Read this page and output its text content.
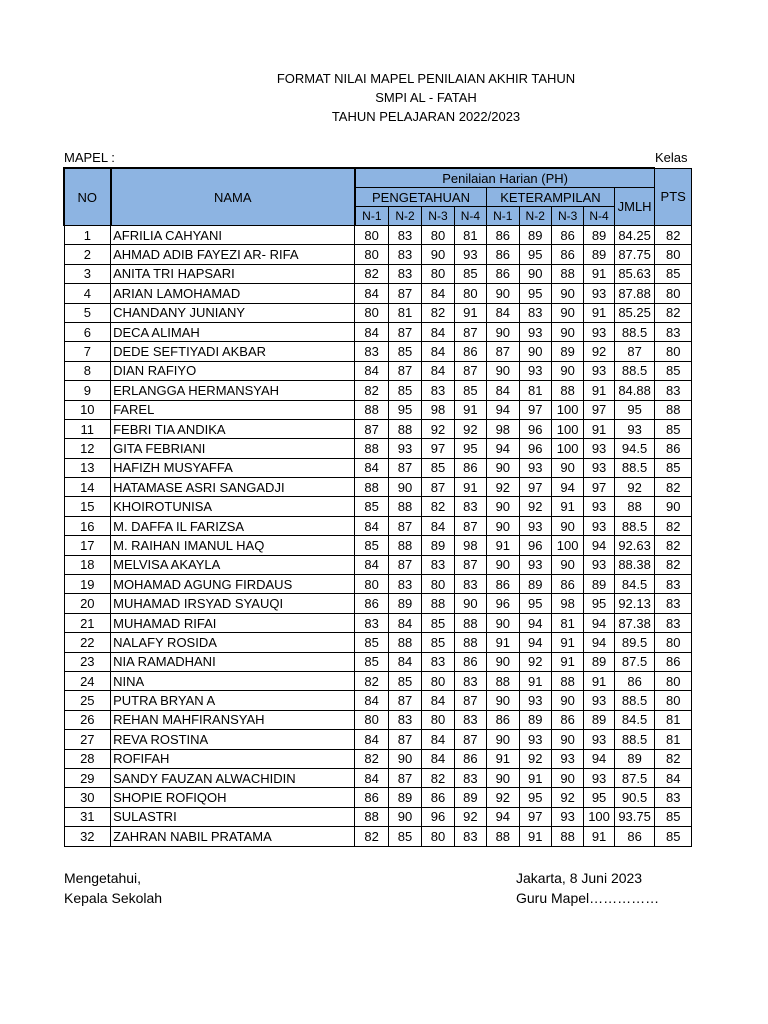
FORMAT NILAI MAPEL PENILAIAN AKHIR TAHUN
SMPI AL - FATAH
TAHUN PELAJARAN 2022/2023
MAPEL :	Kelas
NO	NAMA	Penilaian Harian (PH)									PTS
		PENGETAHUAN				KETERAMPILAN				JMLH	
		N-1	N-2	N-3	N-4	N-1	N-2	N-3	N-4		
1	AFRILIA CAHYANI	80	83	80	81	86	89	86	89	84.25	82
2	AHMAD ADIB FAYEZI AR- RIFA	80	83	90	93	86	95	86	89	87.75	80
3	ANITA TRI HAPSARI	82	83	80	85	86	90	88	91	85.63	85
4	ARIAN LAMOHAMAD	84	87	84	80	90	95	90	93	87.88	80
5	CHANDANY JUNIANY	80	81	82	91	84	83	90	91	85.25	82
6	DECA ALIMAH	84	87	84	87	90	93	90	93	88.5	83
7	DEDE SEFTIYADI AKBAR	83	85	84	86	87	90	89	92	87	80
8	DIAN RAFIYO	84	87	84	87	90	93	90	93	88.5	85
9	ERLANGGA HERMANSYAH	82	85	83	85	84	81	88	91	84.88	83
10	FAREL	88	95	98	91	94	97	100	97	95	88
11	FEBRI TIA ANDIKA	87	88	92	92	98	96	100	91	93	85
12	GITA FEBRIANI	88	93	97	95	94	96	100	93	94.5	86
13	HAFIZH MUSYAFFA	84	87	85	86	90	93	90	93	88.5	85
14	HATAMASE ASRI SANGADJI	88	90	87	91	92	97	94	97	92	82
15	KHOIROTUNISA	85	88	82	83	90	92	91	93	88	90
16	M. DAFFA IL FARIZSA	84	87	84	87	90	93	90	93	88.5	82
17	M. RAIHAN IMANUL HAQ	85	88	89	98	91	96	100	94	92.63	82
18	MELVISA AKAYLA	84	87	83	87	90	93	90	93	88.38	82
19	MOHAMAD AGUNG FIRDAUS	80	83	80	83	86	89	86	89	84.5	83
20	MUHAMAD IRSYAD SYAUQI	86	89	88	90	96	95	98	95	92.13	83
21	MUHAMAD RIFAI	83	84	85	88	90	94	81	94	87.38	83
22	NALAFY ROSIDA	85	88	85	88	91	94	91	94	89.5	80
23	NIA RAMADHANI	85	84	83	86	90	92	91	89	87.5	86
24	NINA	82	85	80	83	88	91	88	91	86	80
25	PUTRA BRYAN A	84	87	84	87	90	93	90	93	88.5	80
26	REHAN MAHFIRANSYAH	80	83	80	83	86	89	86	89	84.5	81
27	REVA ROSTINA	84	87	84	87	90	93	90	93	88.5	81
28	ROFIFAH	82	90	84	86	91	92	93	94	89	82
29	SANDY FAUZAN ALWACHIDIN	84	87	82	83	90	91	90	93	87.5	84
30	SHOPIE ROFIQOH	86	89	86	89	92	95	92	95	90.5	83
31	SULASTRI	88	90	96	92	94	97	93	100	93.75	85
32	ZAHRAN NABIL PRATAMA	82	85	80	83	88	91	88	91	86	85
Mengetahui,
Kepala Sekolah
Jakarta, 8 Juni 2023
Guru Mapel……………
